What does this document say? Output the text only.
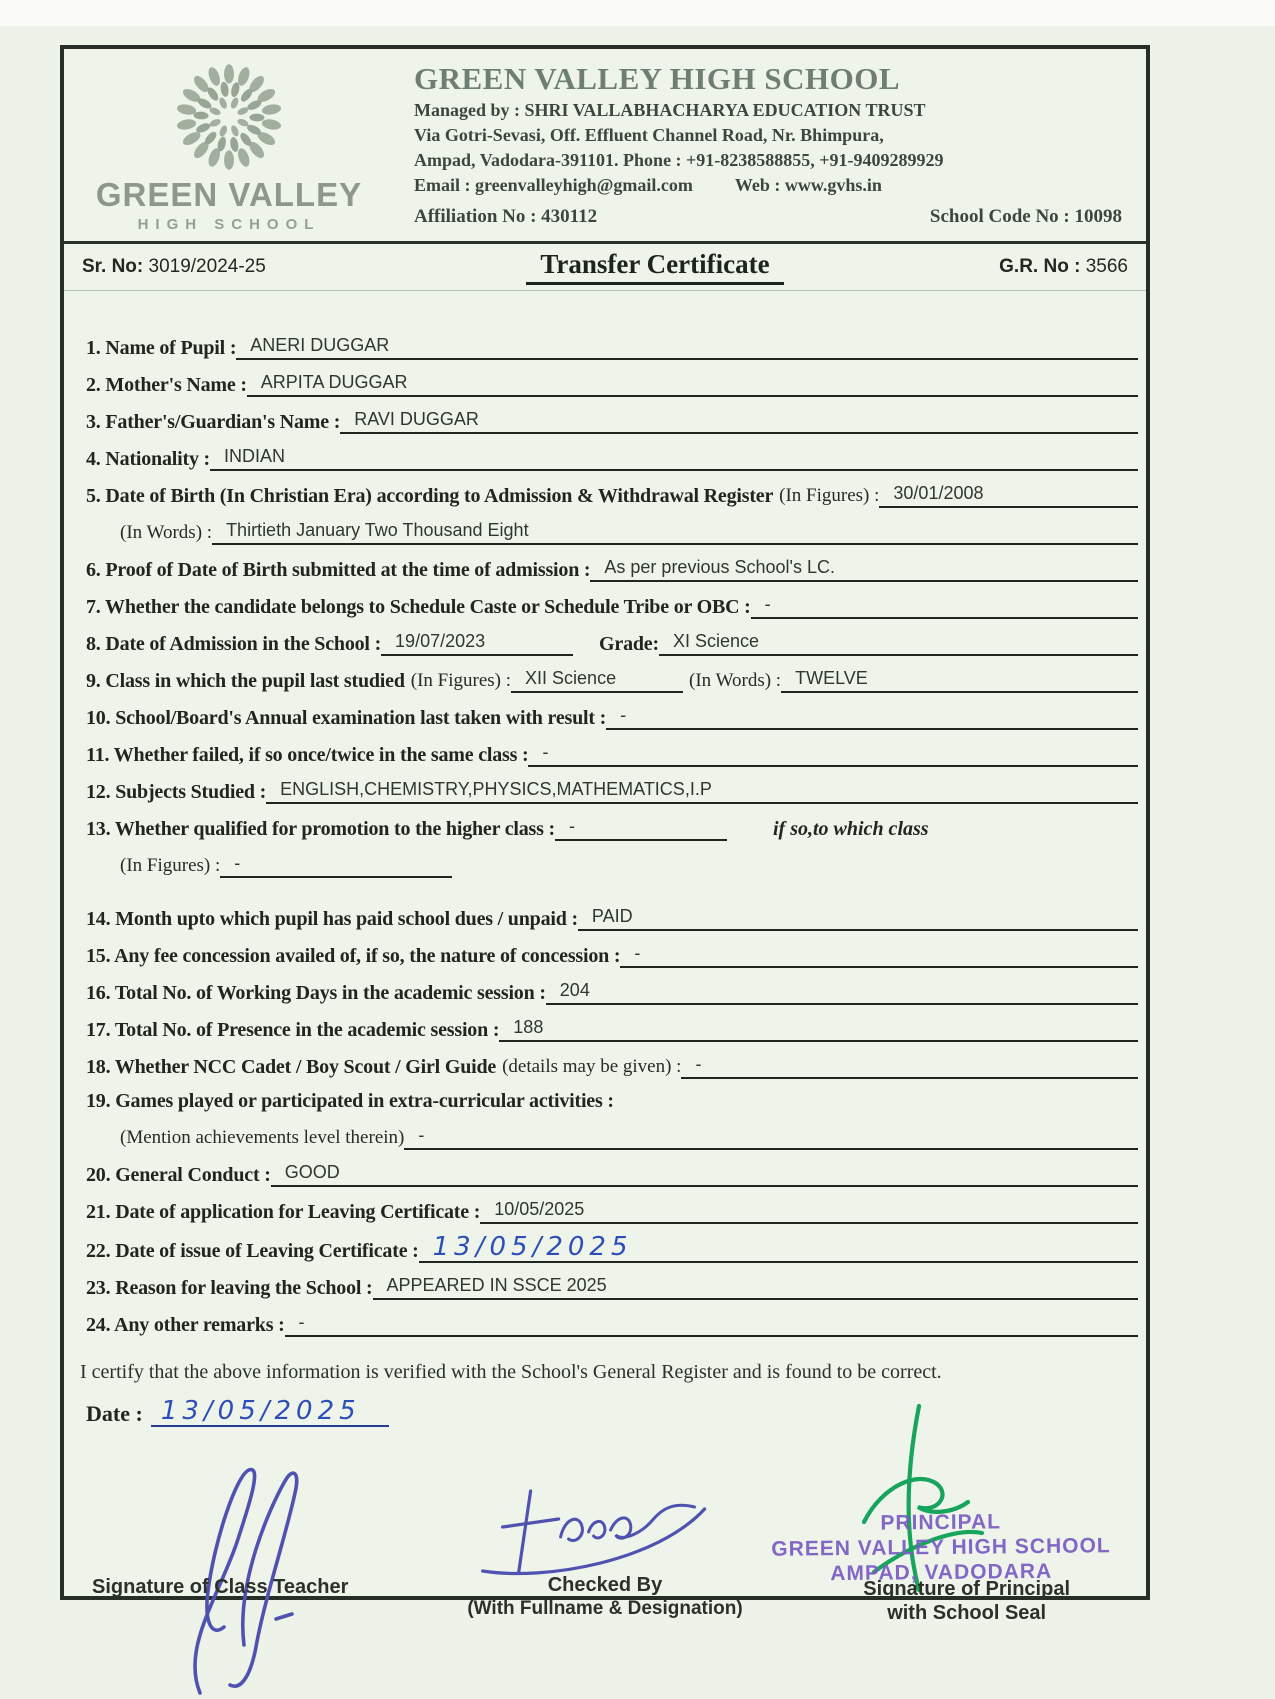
GREEN VALLEY
HIGH SCHOOL
GREEN VALLEY HIGH SCHOOL
Managed by : SHRI VALLABHACHARYA EDUCATION TRUST
Via Gotri-Sevasi, Off. Effluent Channel Road, Nr. Bhimpura,
Ampad, Vadodara-391101. Phone : +91-8238588855, +91-9409289929
Email : greenvalleyhigh@gmail.com Web : www.gvhs.in
Affiliation No : 430112	School Code No : 10098
Sr. No: 3019/2024-25	Transfer Certificate	G.R. No : 3566
1. Name of Pupil : ANERI DUGGAR
2. Mother's Name : ARPITA DUGGAR
3. Father's/Guardian's Name : RAVI DUGGAR
4. Nationality : INDIAN
5. Date of Birth (In Christian Era) according to Admission & Withdrawal Register (In Figures) : 30/01/2008
(In Words) : Thirtieth January Two Thousand Eight
6. Proof of Date of Birth submitted at the time of admission : As per previous School's LC.
7. Whether the candidate belongs to Schedule Caste or Schedule Tribe or OBC : -
8. Date of Admission in the School : 19/07/2023	Grade: XI Science
9. Class in which the pupil last studied (In Figures) : XII Science	(In Words) : TWELVE
10. School/Board's Annual examination last taken with result : -
11. Whether failed, if so once/twice in the same class : -
12. Subjects Studied : ENGLISH,CHEMISTRY,PHYSICS,MATHEMATICS,I.P
13. Whether qualified for promotion to the higher class : -	if so,to which class
(In Figures) : -
14. Month upto which pupil has paid school dues / unpaid : PAID
15. Any fee concession availed of, if so, the nature of concession : -
16. Total No. of Working Days in the academic session : 204
17. Total No. of Presence in the academic session : 188
18. Whether NCC Cadet / Boy Scout / Girl Guide (details may be given) : -
19. Games played or participated in extra-curricular activities :
(Mention achievements level therein) -
20. General Conduct : GOOD
21. Date of application for Leaving Certificate : 10/05/2025
22. Date of issue of Leaving Certificate : 13/05/2025
23. Reason for leaving the School : APPEARED IN SSCE 2025
24. Any other remarks : -

I certify that the above information is verified with the School's General Register and is found to be correct.

Date : 13/05/2025
Signature of Class Teacher	Checked By
(With Fullname & Designation)
PRINCIPAL
GREEN VALLEY HIGH SCHOOL
AMPAD, VADODARA
Signature of Principal
with School Seal
